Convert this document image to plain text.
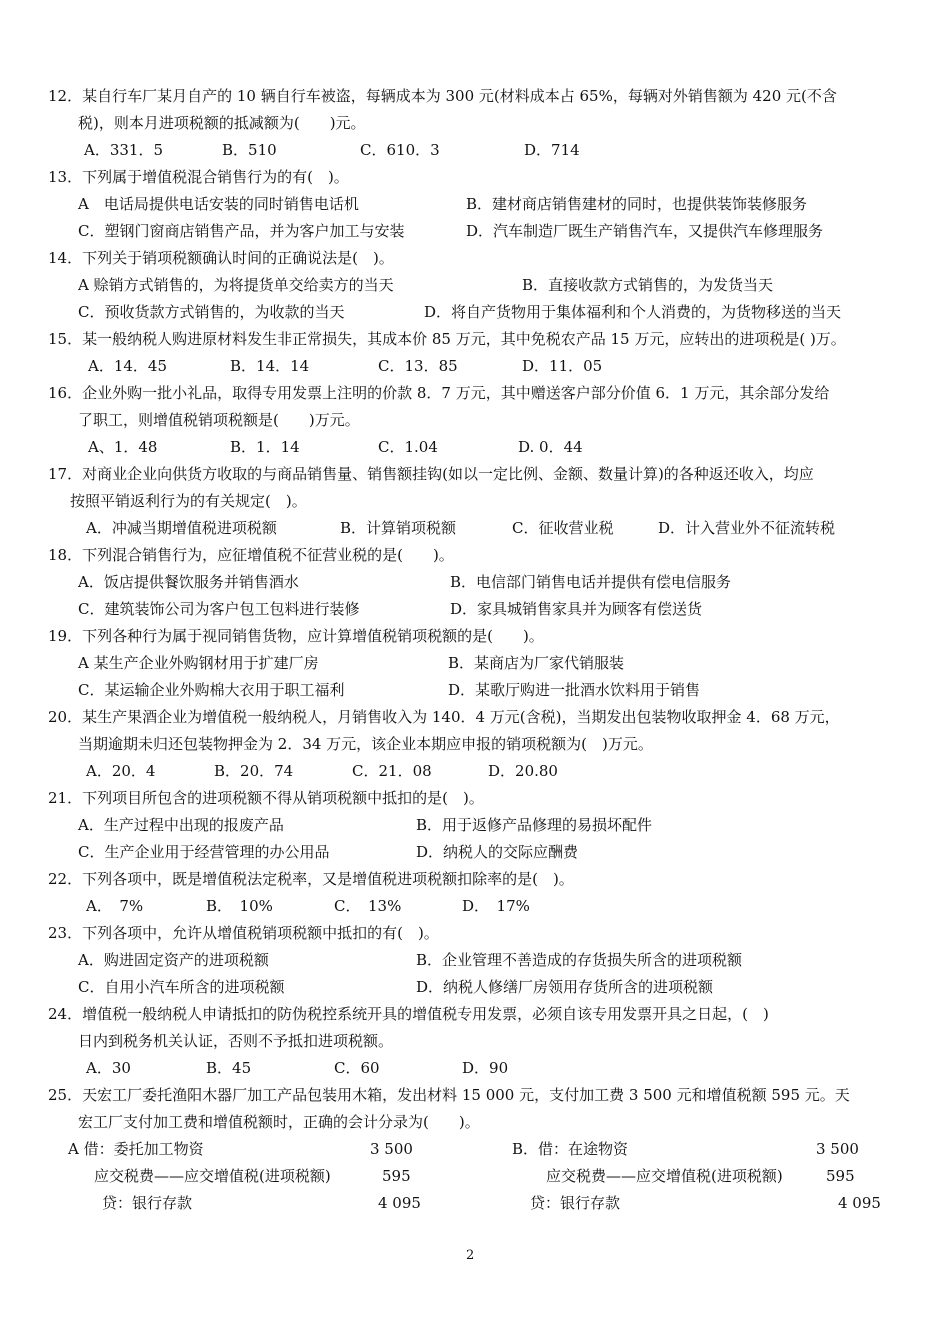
12．某自行车厂某月自产的 10 辆自行车被盗，每辆成本为 300 元(材料成本占 65%，每辆对外销售额为 420 元(不含
税)，则本月进项税额的抵减额为(　　)元。
A．331．5	B．510	C．610．3	D．714
13．下列属于增值税混合销售行为的有(　)。
A　电话局提供电话安装的同时销售电话机	B．建材商店销售建材的同时，也提供装饰装修服务
C．塑钢门窗商店销售产品，并为客户加工与安装	D．汽车制造厂既生产销售汽车，又提供汽车修理服务
14．下列关于销项税额确认时间的正确说法是(　)。
A 赊销方式销售的，为将提货单交给卖方的当天	B．直接收款方式销售的，为发货当天
C．预收货款方式销售的，为收款的当天	D．将自产货物用于集体福利和个人消费的，为货物移送的当天
15．某一般纳税人购进原材料发生非正常损失，其成本价 85 万元，其中免税农产品 15 万元，应转出的进项税是( )万。
A．14．45	B．14．14	C．13．85	D．11．05
16．企业外购一批小礼品，取得专用发票上注明的价款 8．7 万元，其中赠送客户部分价值 6．1 万元，其余部分发给
了职工，则增值税销项税额是(　　)万元。
A、1．48	B．1．14	C．1.04	D. 0．44
17．对商业企业向供货方收取的与商品销售量、销售额挂钩(如以一定比例、金额、数量计算)的各种返还收入，均应
按照平销返利行为的有关规定(　)。
A．冲减当期增值税进项税额	B．计算销项税额	C．征收营业税	D．计入营业外不征流转税
18．下列混合销售行为，应征增值税不征营业税的是(　　)。
A．饭店提供餐饮服务并销售酒水	B．电信部门销售电话并提供有偿电信服务
C．建筑装饰公司为客户包工包料进行装修	D．家具城销售家具并为顾客有偿送货
19．下列各种行为属于视同销售货物，应计算增值税销项税额的是(　　)。
A 某生产企业外购钢材用于扩建厂房	B．某商店为厂家代销服装
C．某运输企业外购棉大衣用于职工福利	D．某歌厅购进一批酒水饮料用于销售
20．某生产果酒企业为增值税一般纳税人，月销售收入为 140．4 万元(含税)，当期发出包装物收取押金 4．68 万元，
当期逾期未归还包装物押金为 2．34 万元，该企业本期应申报的销项税额为(　)万元。
A．20．4	B．20．74	C．21．08	D．20.80
21．下列项目所包含的进项税额不得从销项税额中抵扣的是(　)。
A．生产过程中出现的报废产品	B．用于返修产品修理的易损坏配件
C．生产企业用于经营管理的办公用品	D．纳税人的交际应酬费
22．下列各项中，既是增值税法定税率，又是增值税进项税额扣除率的是(　)。
A．　7%	B．　10%	C．　13%	D．　17%
23．下列各项中，允许从增值税销项税额中抵扣的有(　)。
A．购进固定资产的进项税额	B．企业管理不善造成的存货损失所含的进项税额
C．自用小汽车所含的进项税额	D．纳税人修缮厂房领用存货所含的进项税额
24．增值税一般纳税人申请抵扣的防伪税控系统开具的增值税专用发票，必须自该专用发票开具之日起，(　)
日内到税务机关认证，否则不予抵扣进项税额。
A．30	B．45	C．60	D．90
25．天宏工厂委托渔阳木器厂加工产品包装用木箱，发出材料 15 000 元，支付加工费 3 500 元和增值税额 595 元。天
宏工厂支付加工费和增值税额时，正确的会计分录为(　　)。
A 借：委托加工物资	3 500
应交税费——应交增值税(进项税额)	595
贷：银行存款	4 095
B．借：在途物资	3 500
应交税费——应交增值税(进项税额)	595
贷：银行存款	4 095
2
